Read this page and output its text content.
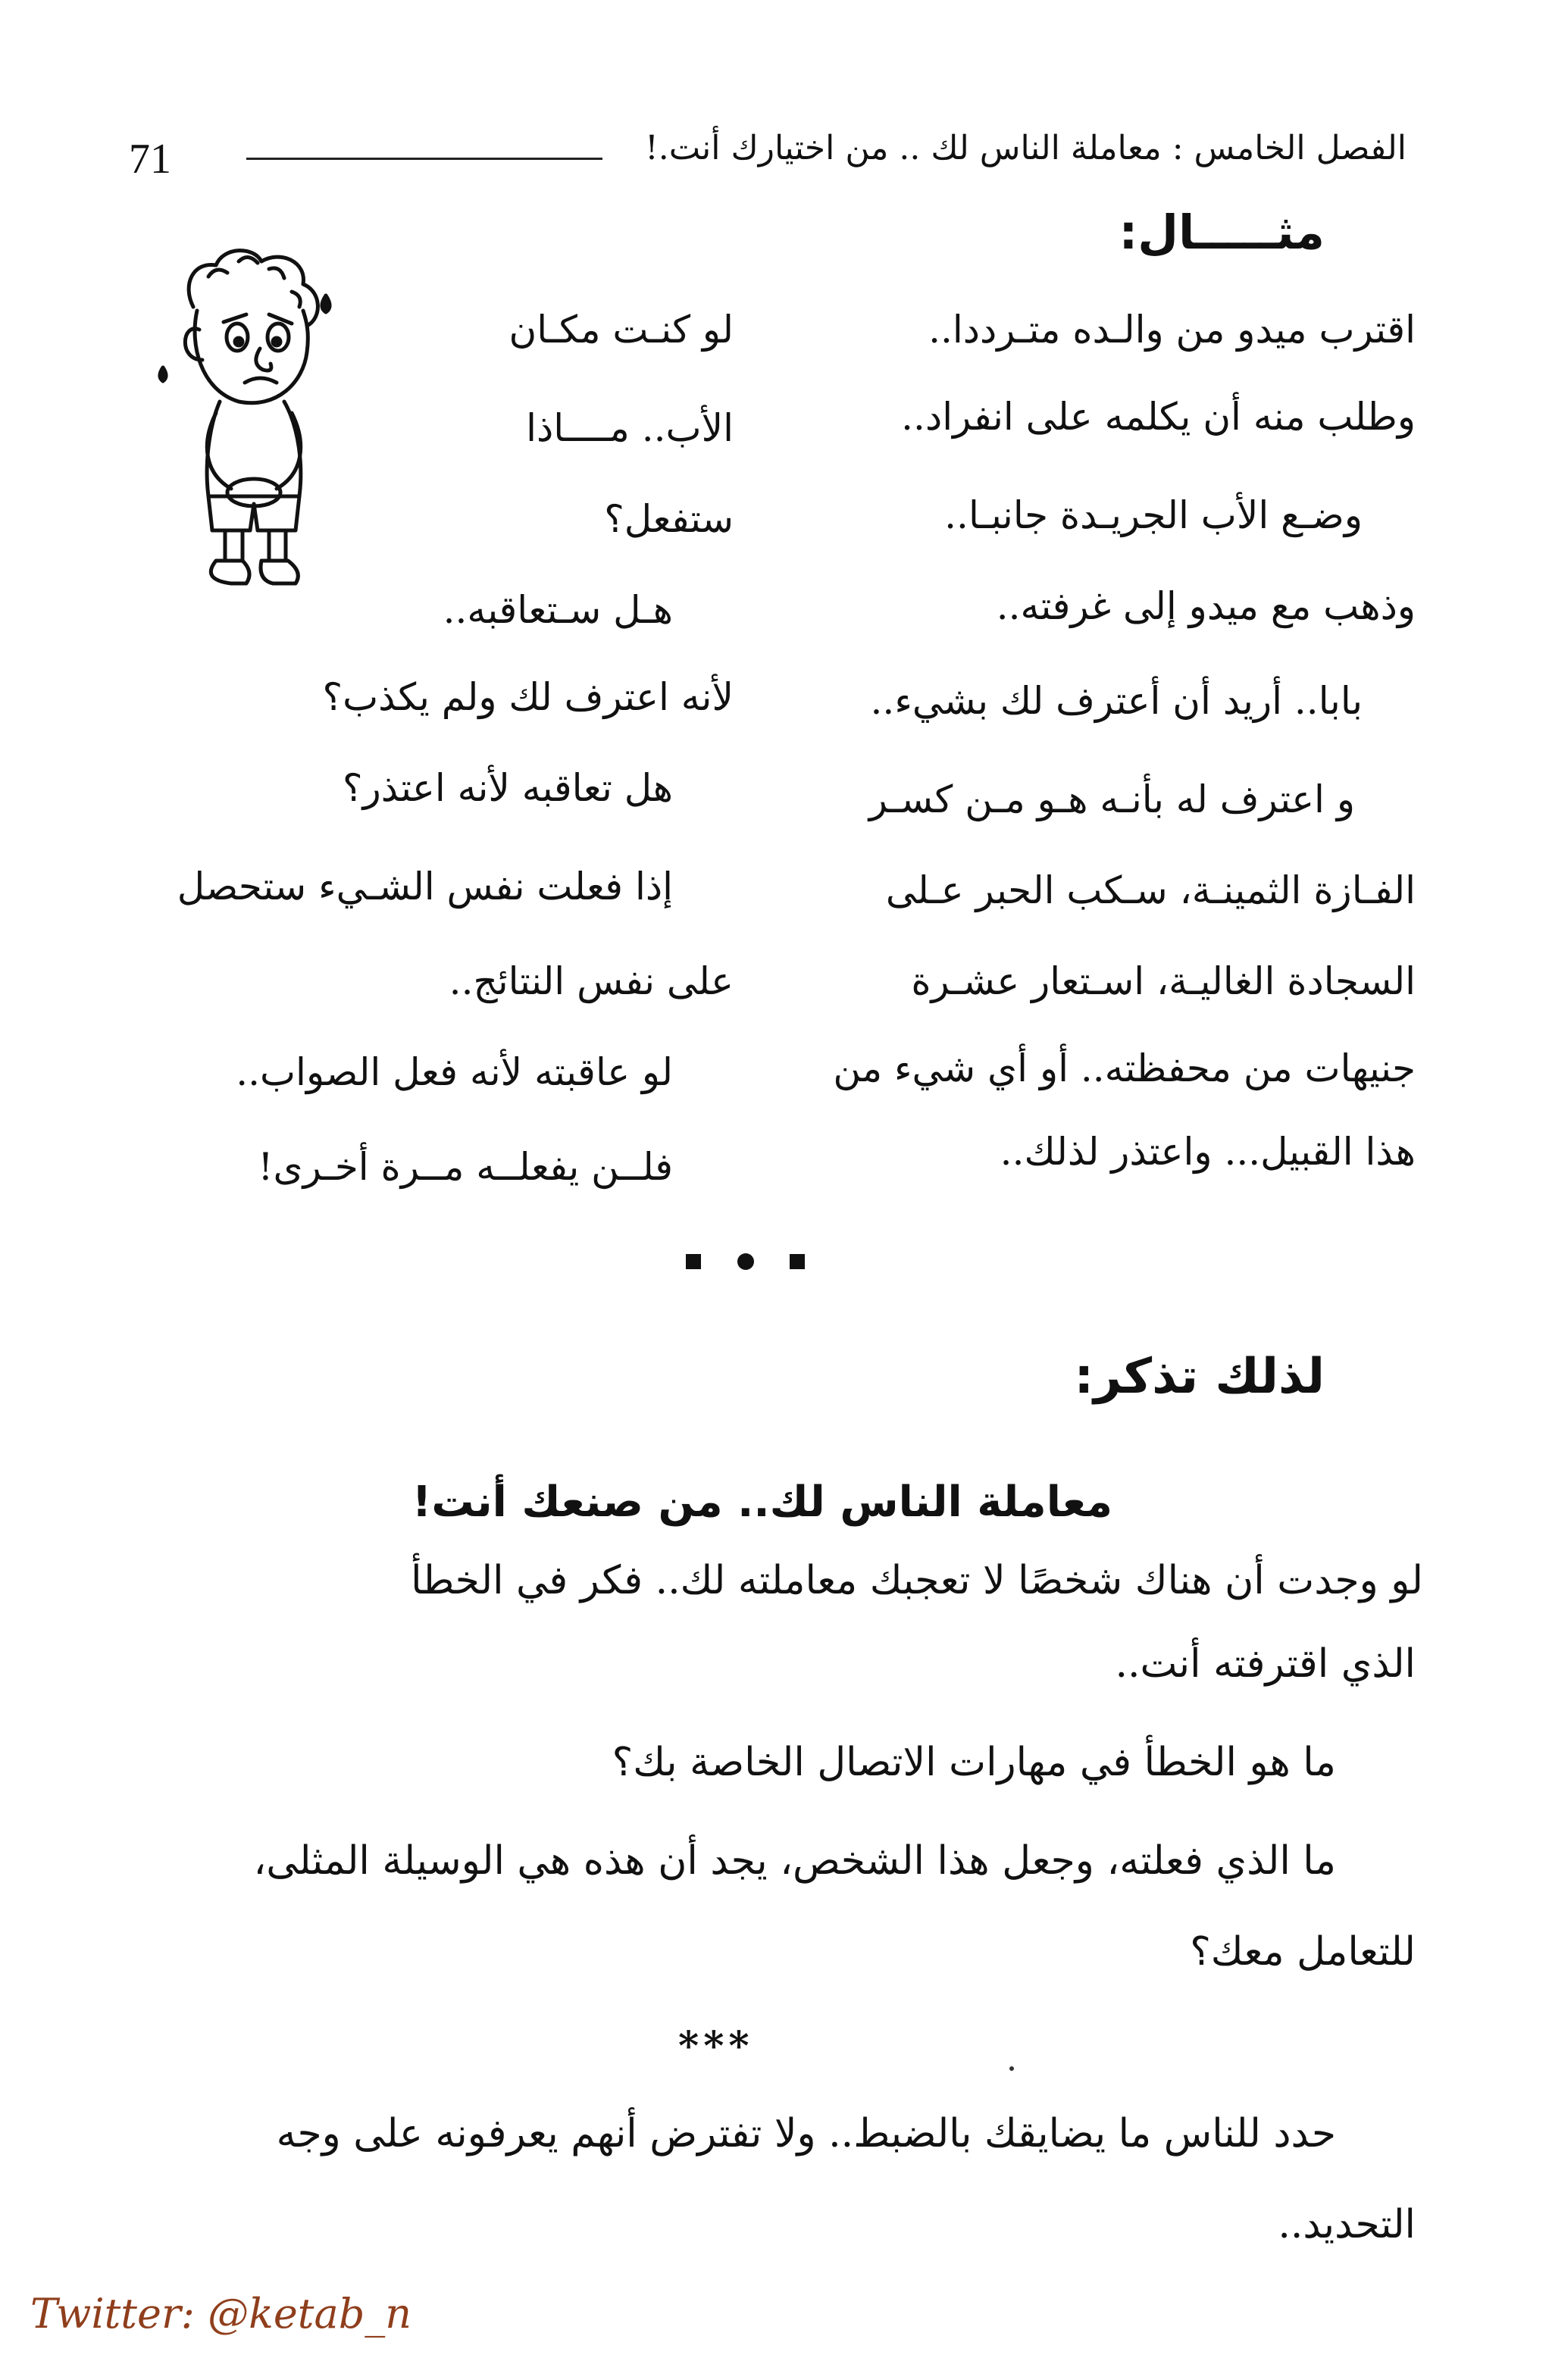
الفصل الخامس : معاملة الناس لك .. من اختيارك أنت.!
71
مثـــــال:
اقترب ميدو من والـده متـرددا..
وطلب منه أن يكلمه على انفراد..
وضـع الأب الجريـدة جانبـا..
وذهب مع ميدو إلى غرفته..
بابا.. أريد أن أعترف لك بشيء..
و اعترف له بأنـه هـو مـن كسـر
الفـازة الثمينـة، سـكب الحبر عـلى
السجادة الغاليـة، اسـتعار عشـرة
جنيهات من محفظته.. أو أي شيء من
هذا القبيل... واعتذر لذلك..
لو كنـت مكـان
الأب.. مــــاذا
ستفعل؟
هـل سـتعاقبه..
لأنه اعترف لك ولم يكذب؟
هل تعاقبه لأنه اعتذر؟
إذا فعلت نفس الشـيء ستحصل
على نفس النتائج..
لو عاقبته لأنه فعل الصواب..
فلــن يفعلــه مــرة أخـرى!
لذلك تذكر:
معاملة الناس لك.. من صنعك أنت!
لو وجدت أن هناك شخصًا لا تعجبك معاملته لك.. فكر في الخطأ
الذي اقترفته أنت..
ما هو الخطأ في مهارات الاتصال الخاصة بك؟
ما الذي فعلته، وجعل هذا الشخص، يجد أن هذه هي الوسيلة المثلى،
للتعامل معك؟
***
حدد للناس ما يضايقك بالضبط.. ولا تفترض أنهم يعرفونه على وجه
التحديد..
Twitter: @ketab_n
